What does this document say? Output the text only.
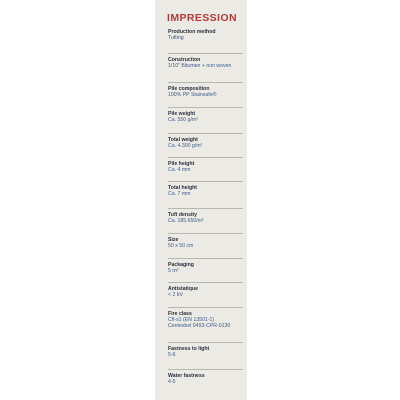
IMPRESSION
Production method
Tufting
Construction
1/10" Bitumen + non woven
Pile composition
100% PP Stainsafe®
Pile weight
Ca. 550 g/m²
Total weight
Ca. 4.300 g/m²
Pile height
Ca. 4 mm
Total height
Ca. 7 mm
Tuft density
Ca. 185.650/m²
Size
50 x 50 cm
Packaging
5 m²
Antistatique
< 2 kV
Fire class
Cfl-s1 (EN 13501-1)
Centexbel 0493-CPR-0130
Fastness to light
5-6
Water fastness
4-5
